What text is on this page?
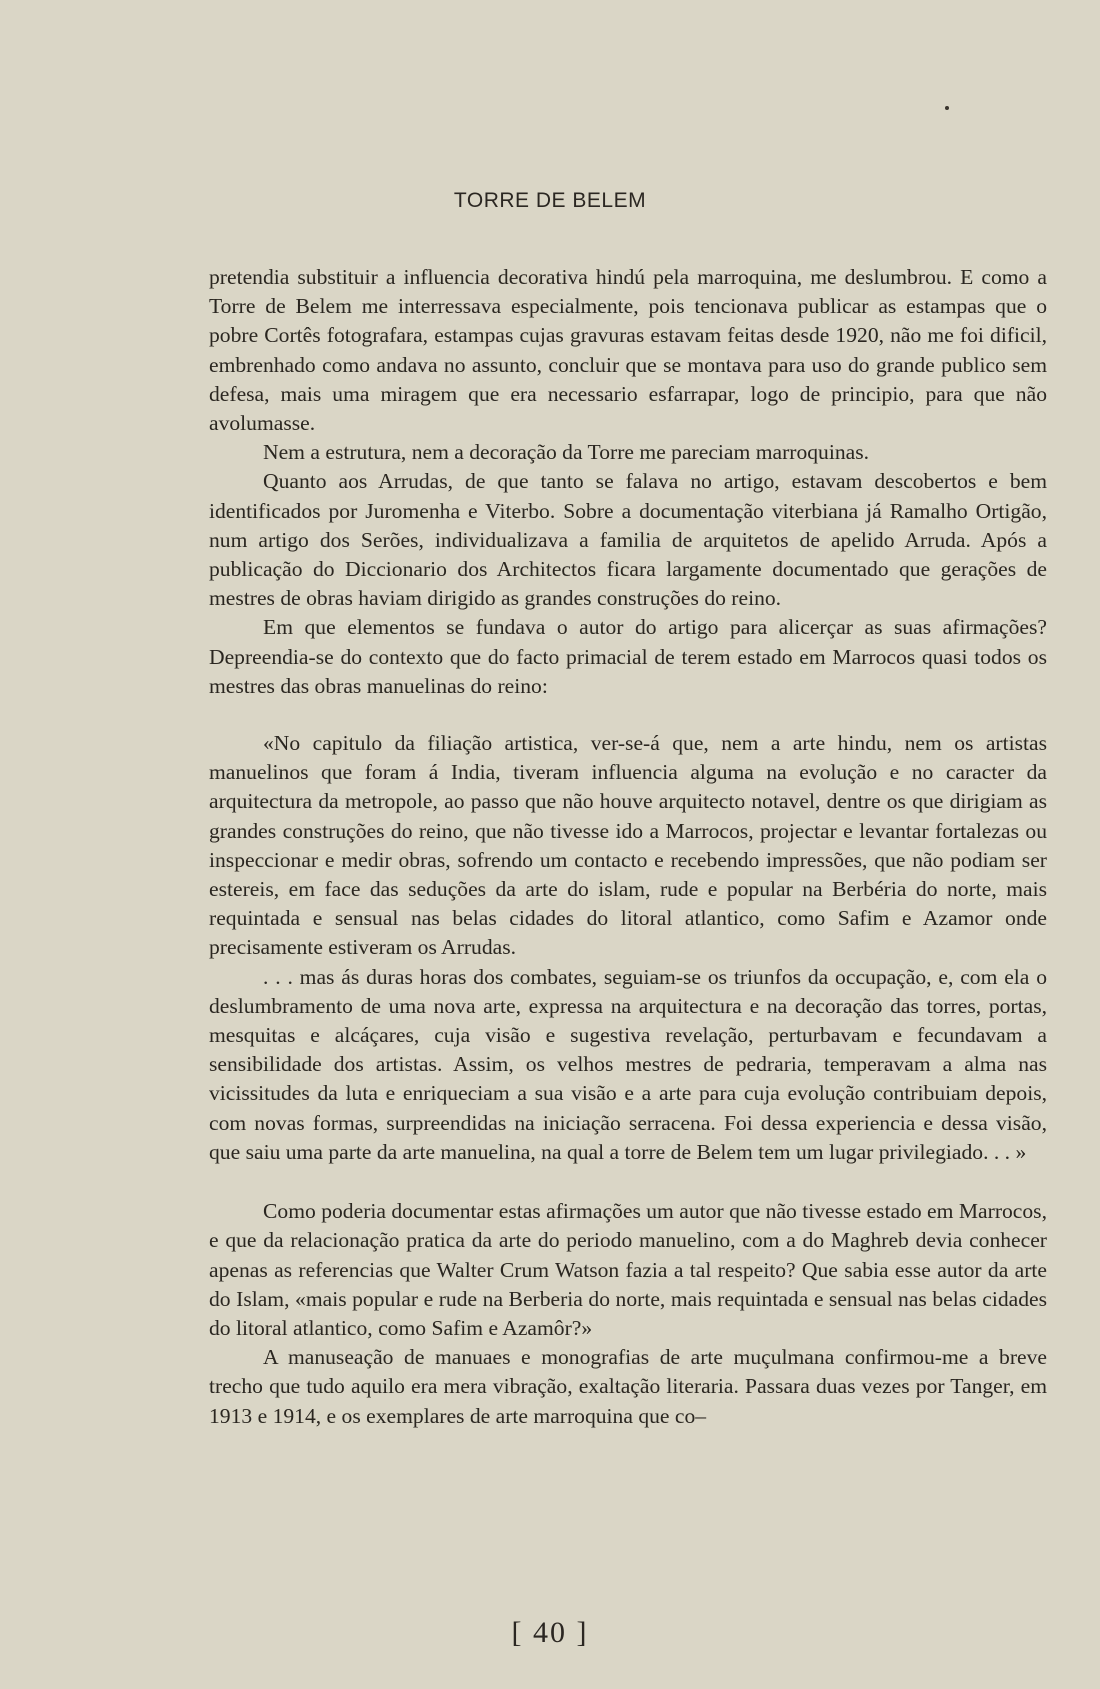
TORRE DE BELEM

pretendia substituir a influencia decorativa hindú pela marroquina, me deslumbrou. E como a Torre de Belem me interressava especialmente, pois tencionava publicar as estampas que o pobre Cortês fotografara, estampas cujas gravuras estavam feitas desde 1920, não me foi dificil, embrenhado como andava no assunto, concluir que se montava para uso do grande publico sem defesa, mais uma miragem que era necessario esfarrapar, logo de principio, para que não avolumasse.

Nem a estrutura, nem a decoração da Torre me pareciam marroquinas.

Quanto aos Arrudas, de que tanto se falava no artigo, estavam descobertos e bem identificados por Juromenha e Viterbo. Sobre a documentação viterbiana já Ramalho Ortigão, num artigo dos Serões, individualizava a familia de arquitetos de apelido Arruda. Após a publicação do Diccionario dos Architectos ficara largamente documentado que gerações de mestres de obras haviam dirigido as grandes construções do reino.

Em que elementos se fundava o autor do artigo para alicerçar as suas afirmações? Depreendia-se do contexto que do facto primacial de terem estado em Marrocos quasi todos os mestres das obras manuelinas do reino:

«No capitulo da filiação artistica, ver-se-á que, nem a arte hindu, nem os artistas manuelinos que foram á India, tiveram influencia alguma na evolução e no caracter da arquitectura da metropole, ao passo que não houve arquitecto notavel, dentre os que dirigiam as grandes construções do reino, que não tivesse ido a Marrocos, projectar e levantar fortalezas ou inspeccionar e medir obras, sofrendo um contacto e recebendo impressões, que não podiam ser estereis, em face das seduções da arte do islam, rude e popular na Berbéria do norte, mais requintada e sensual nas belas cidades do litoral atlantico, como Safim e Azamor onde precisamente estiveram os Arrudas.

. . . mas ás duras horas dos combates, seguiam-se os triunfos da occupação, e, com ela o deslumbramento de uma nova arte, expressa na arquitectura e na decoração das torres, portas, mesquitas e alcáçares, cuja visão e sugestiva revelação, perturbavam e fecundavam a sensibilidade dos artistas. Assim, os velhos mestres de pedraria, temperavam a alma nas vicissitudes da luta e enriqueciam a sua visão e a arte para cuja evolução contribuiam depois, com novas formas, surpreendidas na iniciação serracena. Foi dessa experiencia e dessa visão, que saiu uma parte da arte manuelina, na qual a torre de Belem tem um lugar privilegiado. . . »

Como poderia documentar estas afirmações um autor que não tivesse estado em Marrocos, e que da relacionação pratica da arte do periodo manuelino, com a do Maghreb devia conhecer apenas as referencias que Walter Crum Watson fazia a tal respeito? Que sabia esse autor da arte do Islam, «mais popular e rude na Berberia do norte, mais requintada e sensual nas belas cidades do litoral atlantico, como Safim e Azamôr?»

A manuseação de manuaes e monografias de arte muçulmana confirmou-me a breve trecho que tudo aquilo era mera vibração, exaltação literaria. Passara duas vezes por Tanger, em 1913 e 1914, e os exemplares de arte marroquina que co–

[ 40 ]
